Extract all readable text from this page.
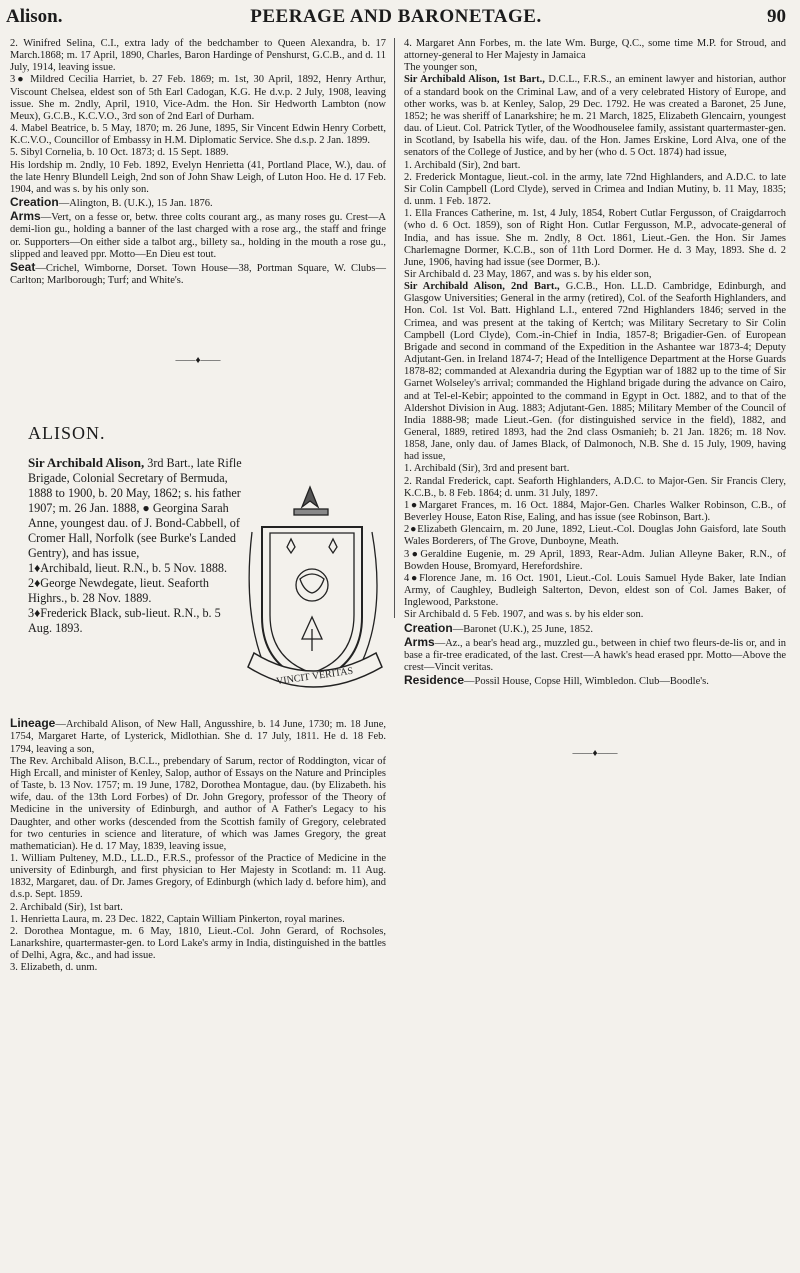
Alison.	PEERAGE AND BARONETAGE.	90

2. Winifred Selina, C.I., extra lady of the bedchamber to Queen Alexandra, b. 17 March.1868; m. 17 April, 1890, Charles, Baron Hardinge of Penshurst, G.C.B., and d. 11 July, 1914, leaving issue.

3● Mildred Cecilia Harriet, b. 27 Feb. 1869; m. 1st, 30 April, 1892, Henry Arthur, Viscount Chelsea, eldest son of 5th Earl Cadogan, K.G. He d.v.p. 2 July, 1908, leaving issue. She m. 2ndly, April, 1910, Vice-Adm. the Hon. Sir Hedworth Lambton (now Meux), G.C.B., K.C.V.O., 3rd son of 2nd Earl of Durham.

4. Mabel Beatrice, b. 5 May, 1870; m. 26 June, 1895, Sir Vincent Edwin Henry Corbett, K.C.V.O., Councillor of Embassy in H.M. Diplomatic Service. She d.s.p. 2 Jan. 1899.

5. Sibyl Cornelia, b. 10 Oct. 1873; d. 15 Sept. 1889.

His lordship m. 2ndly, 10 Feb. 1892, Evelyn Henrietta (41, Portland Place, W.), dau. of the late Henry Blundell Leigh, 2nd son of John Shaw Leigh, of Luton Hoo. He d. 17 Feb. 1904, and was s. by his only son.

Creation—Alington, B. (U.K.), 15 Jan. 1876.

Arms—Vert, on a fesse or, betw. three colts courant arg., as many roses gu. Crest—A demi-lion gu., holding a banner of the last charged with a rose arg., the staff and fringe or. Supporters—On either side a talbot arg., billety sa., holding in the mouth a rose gu., slipped and leaved ppr. Motto—En Dieu est tout.

Seat—Crichel, Wimborne, Dorset. Town House—38, Portman Square, W. Clubs—Carlton; Marlborough; Turf; and White's.

——♦——
ALISON.

Sir Archibald Alison, 3rd Bart., late Rifle Brigade, Colonial Secretary of Bermuda, 1888 to 1900, b. 20 May, 1862; s. his father 1907; m. 26 Jan. 1888, ● Georgina Sarah Anne, youngest dau. of J. Bond-Cabbell, of Cromer Hall, Norfolk (see Burke's Landed Gentry), and has issue,

1♦Archibald, lieut. R.N., b. 5 Nov. 1888.

2♦George Newdegate, lieut. Seaforth Highrs., b. 28 Nov. 1889.

3♦Frederick Black, sub-lieut. R.N., b. 5 Aug. 1893.

VINCIT VERITAS

Lineage—Archibald Alison, of New Hall, Angusshire, b. 14 June, 1730; m. 18 June, 1754, Margaret Harte, of Lysterick, Midlothian. She d. 17 July, 1811. He d. 18 Feb. 1794, leaving a son,

The Rev. Archibald Alison, B.C.L., prebendary of Sarum, rector of Roddington, vicar of High Ercall, and minister of Kenley, Salop, author of Essays on the Nature and Principles of Taste, b. 13 Nov. 1757; m. 19 June, 1782, Dorothea Montague, dau. (by Elizabeth. his wife, dau. of the 13th Lord Forbes) of Dr. John Gregory, professor of the Theory of Medicine in the university of Edinburgh, and author of A Father's Legacy to his Daughter, and other works (descended from the Scottish family of Gregory, celebrated for two centuries in science and literature, of which was James Gregory, the great mathematician). He d. 17 May, 1839, leaving issue,

1. William Pulteney, M.D., LL.D., F.R.S., professor of the Practice of Medicine in the university of Edinburgh, and first physician to Her Majesty in Scotland: m. 11 Aug. 1832, Margaret, dau. of Dr. James Gregory, of Edinburgh (which lady d. before him), and d.s.p. Sept. 1859.

2. Archibald (Sir), 1st bart.

1. Henrietta Laura, m. 23 Dec. 1822, Captain William Pinkerton, royal marines.

2. Dorothea Montague, m. 6 May, 1810, Lieut.-Col. John Gerard, of Rochsoles, Lanarkshire, quartermaster-gen. to Lord Lake's army in India, distinguished in the battles of Delhi, Agra, &c., and had issue.

3. Elizabeth, d. unm.

4. Margaret Ann Forbes, m. the late Wm. Burge, Q.C., some time M.P. for Stroud, and attorney-general to Her Majesty in Jamaica

The younger son,

Sir Archibald Alison, 1st Bart., D.C.L., F.R.S., an eminent lawyer and historian, author of a standard book on the Criminal Law, and of a very celebrated History of Europe, and other works, was b. at Kenley, Salop, 29 Dec. 1792. He was created a Baronet, 25 June, 1852; he was sheriff of Lanarkshire; he m. 21 March, 1825, Elizabeth Glencairn, youngest dau. of Lieut. Col. Patrick Tytler, of the Woodhouselee family, assistant quartermaster-gen. in Scotland, by Isabella his wife, dau. of the Hon. James Erskine, Lord Alva, one of the senators of the College of Justice, and by her (who d. 5 Oct. 1874) had issue,

1. Archibald (Sir), 2nd bart.

2. Frederick Montague, lieut.-col. in the army, late 72nd Highlanders, and A.D.C. to late Sir Colin Campbell (Lord Clyde), served in Crimea and Indian Mutiny, b. 11 May, 1835; d. unm. 1 Feb. 1872.

1. Ella Frances Catherine, m. 1st, 4 July, 1854, Robert Cutlar Fergusson, of Craigdarroch (who d. 6 Oct. 1859), son of Right Hon. Cutlar Fergusson, M.P., advocate-general of India, and has issue. She m. 2ndly, 8 Oct. 1861, Lieut.-Gen. the Hon. Sir James Charlemagne Dormer, K.C.B., son of 11th Lord Dormer. He d. 3 May, 1893. She d. 2 June, 1906, having had issue (see Dormer, B.).

Sir Archibald d. 23 May, 1867, and was s. by his elder son,

Sir Archibald Alison, 2nd Bart., G.C.B., Hon. LL.D. Cambridge, Edinburgh, and Glasgow Universities; General in the army (retired), Col. of the Seaforth Highlanders, and Hon. Col. 1st Vol. Batt. Highland L.I., entered 72nd Highlanders 1846; served in the Crimea, and was present at the taking of Kertch; was Military Secretary to Sir Colin Campbell (Lord Clyde), Com.-in-Chief in India, 1857-8; Brigadier-Gen. of European Brigade and second in command of the Expedition in the Ashantee war 1873-4; Deputy Adjutant-Gen. in Ireland 1874-7; Head of the Intelligence Department at the Horse Guards 1878-82; commanded at Alexandria during the Egyptian war of 1882 up to the time of Sir Garnet Wolseley's arrival; commanded the Highland brigade during the advance on Cairo, and at Tel-el-Kebir; appointed to the command in Egypt in Oct. 1882, and to that of the Aldershot Division in Aug. 1883; Adjutant-Gen. 1885; Military Member of the Council of India 1888-98; made Lieut.-Gen. (for distinguished service in the field), 1882, and General, 1889, retired 1893, had the 2nd class Osmanieh; b. 21 Jan. 1826; m. 18 Nov. 1858, Jane, only dau. of James Black, of Dalmonoch, N.B. She d. 15 July, 1909, having had issue,

1. Archibald (Sir), 3rd and present bart.

2. Randal Frederick, capt. Seaforth Highlanders, A.D.C. to Major-Gen. Sir Francis Clery, K.C.B., b. 8 Feb. 1864; d. unm. 31 July, 1897.

1●Margaret Frances, m. 16 Oct. 1884, Major-Gen. Charles Walker Robinson, C.B., of Beverley House, Eaton Rise, Ealing, and has issue (see Robinson, Bart.).

2●Elizabeth Glencairn, m. 20 June, 1892, Lieut.-Col. Douglas John Gaisford, late South Wales Borderers, of The Grove, Dunboyne, Meath.

3●Geraldine Eugenie, m. 29 April, 1893, Rear-Adm. Julian Alleyne Baker, R.N., of Bowden House, Bromyard, Herefordshire.

4●Florence Jane, m. 16 Oct. 1901, Lieut.-Col. Louis Samuel Hyde Baker, late Indian Army, of Caughley, Budleigh Salterton, Devon, eldest son of Col. James Baker, of Inglewood, Parkstone.

Sir Archibald d. 5 Feb. 1907, and was s. by his elder son.

Creation—Baronet (U.K.), 25 June, 1852.

Arms—Az., a bear's head arg., muzzled gu., between in chief two fleurs-de-lis or, and in base a fir-tree eradicated, of the last. Crest—A hawk's head erased ppr. Motto—Above the crest—Vincit veritas.

Residence—Possil House, Copse Hill, Wimbledon. Club—Boodle's.

——♦——
